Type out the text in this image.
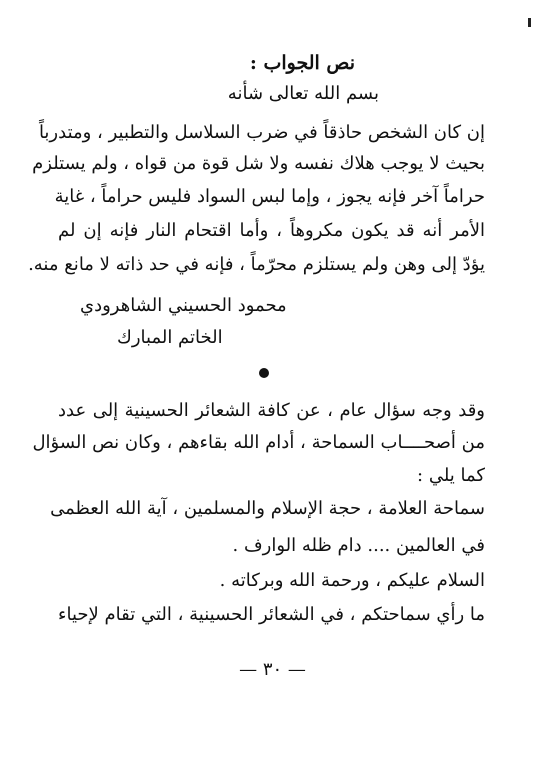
نص الجواب :
بسم الله تعالى شأنه
إن كان الشخص حاذقاً في ضرب السلاسل والتطبير ، ومتدرباً
بحيث لا يوجب هلاك نفسه ولا شل قوة من قواه ، ولم يستلزم
حراماً آخر فإنه يجوز ، وإما لبس السواد فليس حراماً ، غاية
الأمر أنه قد يكون مكروهاً ، وأما اقتحام النار فإنه إن لم
يؤدّ إلى وهن ولم يستلزم محرّماً ، فإنه في حد ذاته لا مانع منه.
محمود الحسيني الشاهرودي
الخاتم المبارك
وقد وجه سؤال عام ، عن كافة الشعائر الحسينية إلى عدد
من أصحــــاب السماحة ، أدام الله بقاءهم ، وكان نص السؤال
كما يلي :
سماحة العلامة ، حجة الإسلام والمسلمين ، آية الله العظمى
في العالمين .... دام ظله الوارف .
السلام عليكم ، ورحمة الله وبركاته .
ما رأي سماحتكم ، في الشعائر الحسينية ، التي تقام لإحياء
— ٣٠ —
